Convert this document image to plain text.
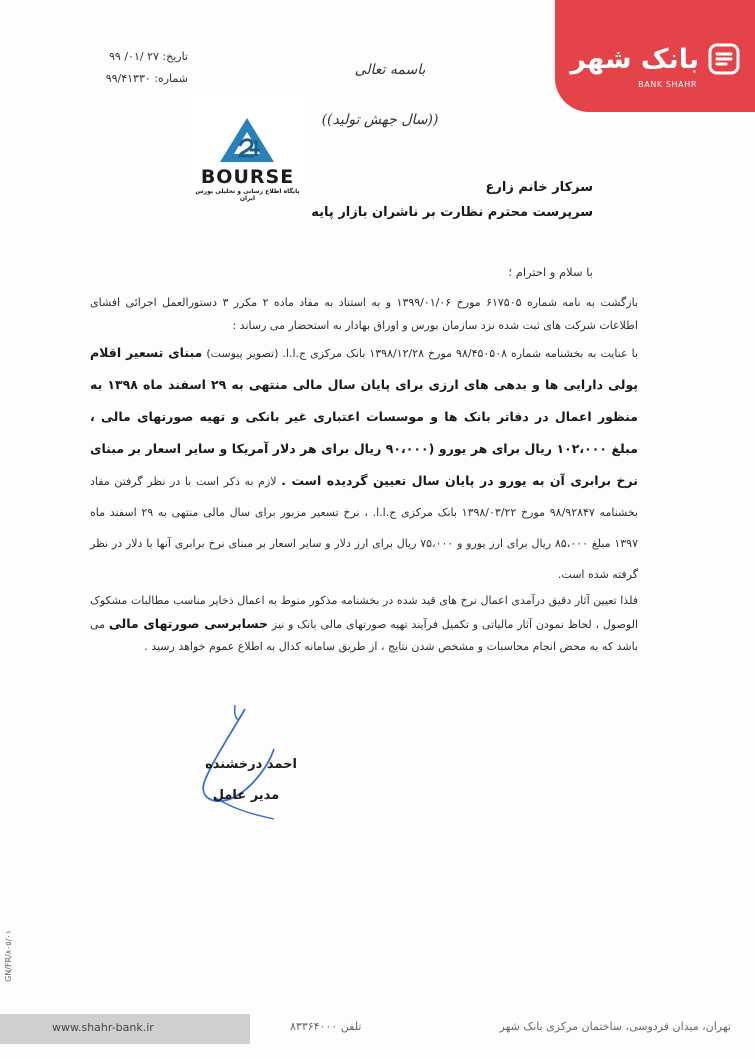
بانک شهر
BANK SHAHR
تاریخ: ۲۷ /۰۱/ ۹۹
شماره: ۹۹/۴۱۳۳۰
باسمه تعالی
((سال جهش تولید))
BOURSE
پایگاه اطلاع رسانی و تحلیلی بورس ایران
سرکار خانم زارع
سرپرست محترم نظارت بر ناشران بازار پایه
با سلام و احترام ؛

بازگشت به نامه شماره ۶۱۷۵۰۵ مورخ ۱۳۹۹/۰۱/۰۶ و به استناد به مفاد ماده ۲ مکرر ۳ دستورالعمل اجرائی افشای اطلاعات شرکت های ثبت شده نزد سازمان بورس و اوراق بهادار به استحضار می رساند :

با عنایت به بخشنامه شماره ۹۸/۴۵۰۵۰۸ مورخ ۱۳۹۸/۱۲/۲۸ بانک مرکزی ج.ا.ا. (تصویر پیوست) مبنای تسعیر اقلام پولی دارایی ها و بدهی های ارزی برای پایان سال مالی منتهی به ۲۹ اسفند ماه ۱۳۹۸ به منظور اعمال در دفاتر بانک ها و موسسات اعتباری غیر بانکی و تهیه صورتهای مالی ، مبلغ ۱۰۲،۰۰۰ ریال برای هر یورو (۹۰،۰۰۰ ریال برای هر دلار آمریکا و سایر اسعار بر مبنای نرخ برابری آن به یورو در پایان سال تعیین گردیده است . لازم به ذکر است با در نظر گرفتن مفاد بخشنامه ۹۸/۹۲۸۴۷ مورخ ۱۳۹۸/۰۳/۲۲ بانک مرکزی ج.ا.ا. ، نرخ تسعیر مزبور برای سال مالی منتهی به ۲۹ اسفند ماه ۱۳۹۷ مبلغ ۸۵،۰۰۰ ریال برای ارز یورو و ۷۵،۰۰۰ ریال برای ارز دلار و سایر اسعار بر مبنای نرخ برابری آنها با دلار در نظر گرفته شده است.

فلذا تعیین آثار دقیق درآمدی اعمال نرخ های قید شده در بخشنامه مذکور منوط به اعمال ذخایر مناسب مطالبات مشکوک الوصول ، لحاظ نمودن آثار مالیاتی و تکمیل فرآیند تهیه صورتهای مالی بانک و نیز حسابرسی صورتهای مالی می باشد که به محض انجام محاسبات و مشخص شدن نتایج ، از طریق سامانه کدال به اطلاع عموم خواهد رسید .

احمد درخشنده
مدیر عامل
GN/FR/۸۰۵/۰۱
www.shahr-bank.ir	تلفن ۸۳۳۶۴۰۰۰	تهران، میدان فردوسی، ساختمان مرکزی بانک شهر
